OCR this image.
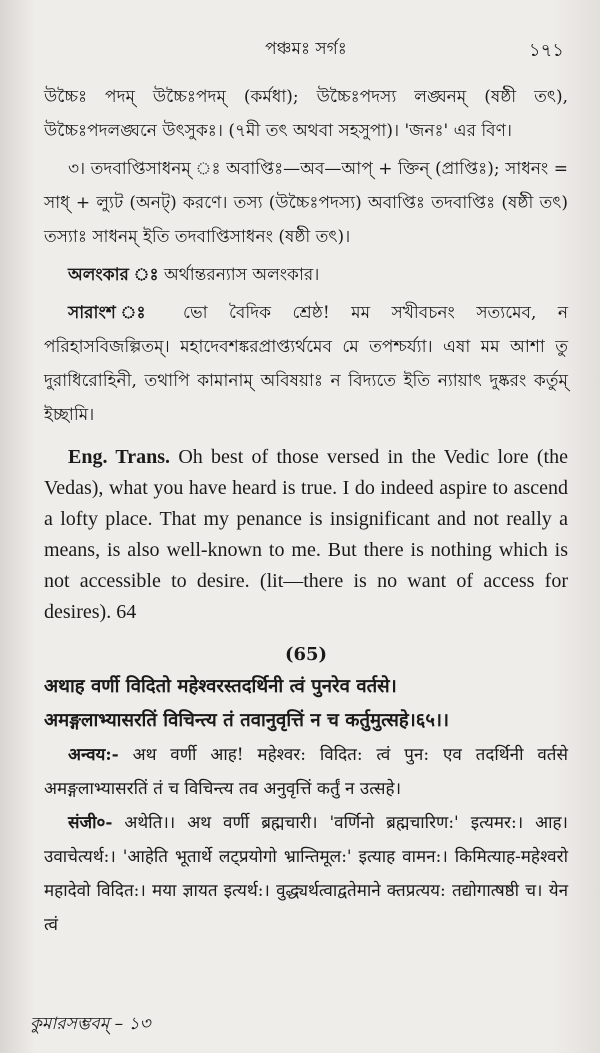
পঞ্চমঃ সর্গঃ	১৭১

উচ্চৈঃ পদম্‌ উচ্চৈঃপদম্‌ (কর্মধা); উচ্চৈঃপদস্য লঙ্ঘনম্‌ (ষষ্ঠী তৎ), উচ্চৈঃপদলঙ্ঘনে উৎসুকঃ। (৭মী তৎ অথবা সহসুপা)। 'জনঃ' এর বিণ।

৩। তদবাপ্তিসাধনম্‌ ঃ অবাপ্তিঃ—অব—আপ্‌ + ক্তিন্‌ (প্রাপ্তিঃ); সাধনং = সাধ্‌ + ল্যুট (অনট্‌) করণে। তস্য (উচ্চৈঃপদস্য) অবাপ্তিঃ তদবাপ্তিঃ (ষষ্ঠী তৎ) তস্যাঃ সাধনম্‌ ইতি তদবাপ্তিসাধনং (ষষ্ঠী তৎ)।

অলংকার ঃ অর্থান্তরন্যাস অলংকার।

সারাংশ ঃ ভো বৈদিক শ্রেষ্ঠ! মম সখীবচনং সত্যমেব, ন পরিহাসবিজল্পিতম্‌। মহাদেবশঙ্করপ্রাপ্ত্যর্থমেব মে তপশ্চর্য্যা। এষা মম আশা তু দুরাধিরোহিনী, তথাপি কামানাম্‌ অবিষয়াঃ ন বিদ্যতে ইতি ন্যায়াৎ দুষ্করং কর্তুম্‌ ইচ্ছামি।

Eng. Trans. Oh best of those versed in the Vedic lore (the Vedas), what you have heard is true. I do indeed aspire to ascend a lofty place. That my penance is insignificant and not really a means, is also well-known to me. But there is nothing which is not accessible to desire. (lit—there is no want of access for desires). 64

(65)

अथाह वर्णी विदितो महेश्वरस्तदर्थिनी त्वं पुनरेव वर्तसे।

अमङ्गलाभ्यासरतिं विचिन्त्य तं तवानुवृत्तिं न च कर्तुमुत्सहे।६५।।

अन्वय:- अथ वर्णी आह! महेश्वर: विदित: त्वं पुन: एव तदर्थिनी वर्तसे अमङ्गलाभ्यासरतिं तं च विचिन्त्य तव अनुवृत्तिं कर्तुं न उत्सहे।

संजी०- अथेति।। अथ वर्णी ब्रह्मचारी। 'वर्णिनो ब्रह्मचारिण:' इत्यमर:। आह। उवाचेत्यर्थ:। 'आहेति भूतार्थे लट्प्रयोगो भ्रान्तिमूल:' इत्याह वामन:। किमित्याह-महेश्वरो महादेवो विदित:। मया ज्ञायत इत्यर्थ:। वुद्ध्यर्थत्वाद्वतेमाने क्तप्रत्यय: तद्योगात्षष्ठी च। येन त्वं

কুমারসম্ভবম্‌ – ১৩
